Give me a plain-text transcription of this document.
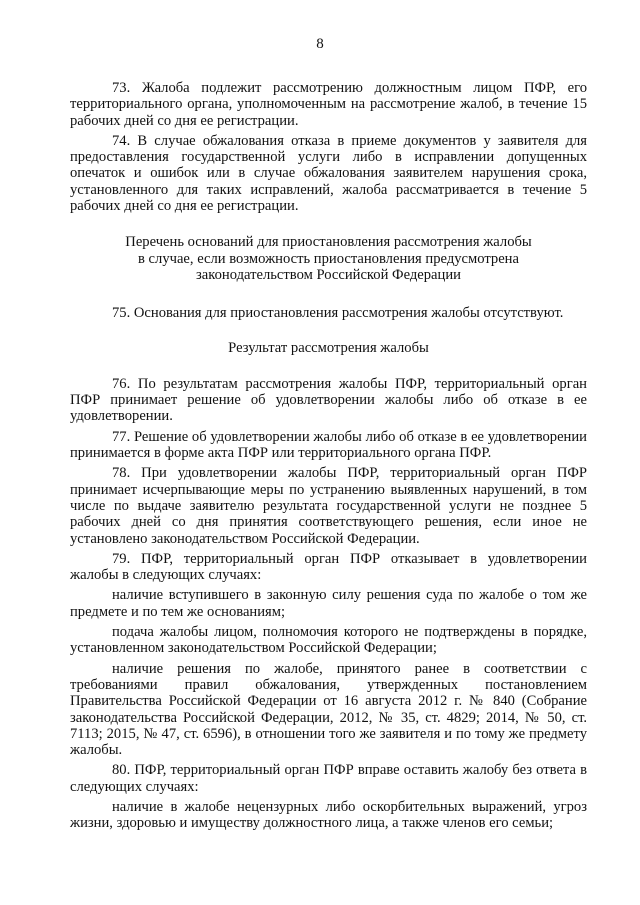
8

73. Жалоба подлежит рассмотрению должностным лицом ПФР, его территориального органа, уполномоченным на рассмотрение жалоб, в течение 15 рабочих дней со дня ее регистрации.

74. В случае обжалования отказа в приеме документов у заявителя для предоставления государственной услуги либо в исправлении допущенных опечаток и ошибок или в случае обжалования заявителем нарушения срока, установленного для таких исправлений, жалоба рассматривается в течение 5 рабочих дней со дня ее регистрации.

Перечень оснований для приостановления рассмотрения жалобы

в случае, если возможность приостановления предусмотрена

законодательством Российской Федерации

75. Основания для приостановления рассмотрения жалобы отсутствуют.

Результат рассмотрения жалобы

76. По результатам рассмотрения жалобы ПФР, территориальный орган ПФР принимает решение об удовлетворении жалобы либо об отказе в ее удовлетворении.

77. Решение об удовлетворении жалобы либо об отказе в ее удовлетворении принимается в форме акта ПФР или территориального органа ПФР.

78. При удовлетворении жалобы ПФР, территориальный орган ПФР принимает исчерпывающие меры по устранению выявленных нарушений, в том числе по выдаче заявителю результата государственной услуги не позднее 5 рабочих дней со дня принятия соответствующего решения, если иное не установлено законодательством Российской Федерации.

79. ПФР, территориальный орган ПФР отказывает в удовлетворении жалобы в следующих случаях:

наличие вступившего в законную силу решения суда по жалобе о том же предмете и по тем же основаниям;

подача жалобы лицом, полномочия которого не подтверждены в порядке, установленном законодательством Российской Федерации;

наличие решения по жалобе, принятого ранее в соответствии с требованиями правил обжалования, утвержденных постановлением Правительства Российской Федерации от 16 августа 2012 г. № 840 (Собрание законодательства Российской Федерации, 2012, № 35, ст. 4829; 2014, № 50, ст. 7113; 2015, № 47, ст. 6596), в отношении того же заявителя и по тому же предмету жалобы.

80. ПФР, территориальный орган ПФР вправе оставить жалобу без ответа в следующих случаях:

наличие в жалобе нецензурных либо оскорбительных выражений, угроз жизни, здоровью и имуществу должностного лица, а также членов его семьи;
